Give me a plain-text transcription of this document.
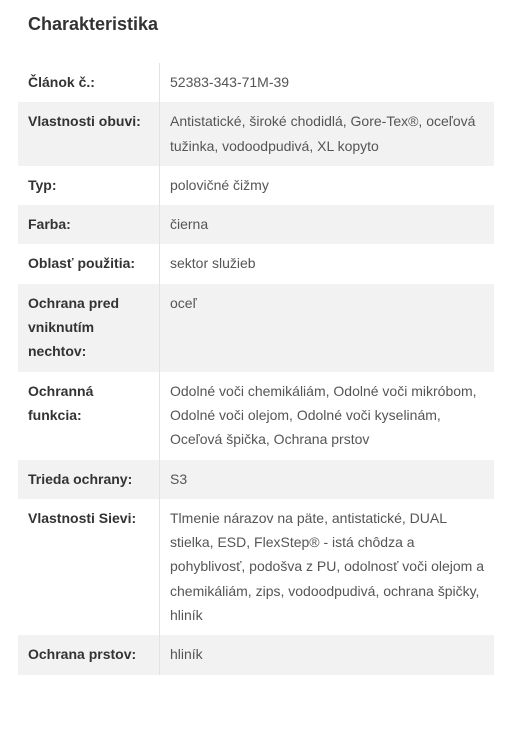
Charakteristika
Článok č.:	52383-343-71M-39
Vlastnosti obuvi:	Antistatické, široké chodidlá, Gore-Tex®, oceľová tužinka, vodoodpudivá, XL kopyto
Typ:	polovičné čižmy
Farba:	čierna
Oblasť použitia:	sektor služieb
Ochrana pred vniknutím nechtov:	oceľ
Ochranná funkcia:	Odolné voči chemikáliám, Odolné voči mikróbom, Odolné voči olejom, Odolné voči kyselinám, Oceľová špička, Ochrana prstov
Trieda ochrany:	S3
Vlastnosti Sievi:	Tlmenie nárazov na päte, antistatické, DUAL stielka, ESD, FlexStep® - istá chôdza a pohyblivosť, podošva z PU, odolnosť voči olejom a chemikáliám, zips, vodoodpudivá, ochrana špičky, hliník
Ochrana prstov:	hliník
